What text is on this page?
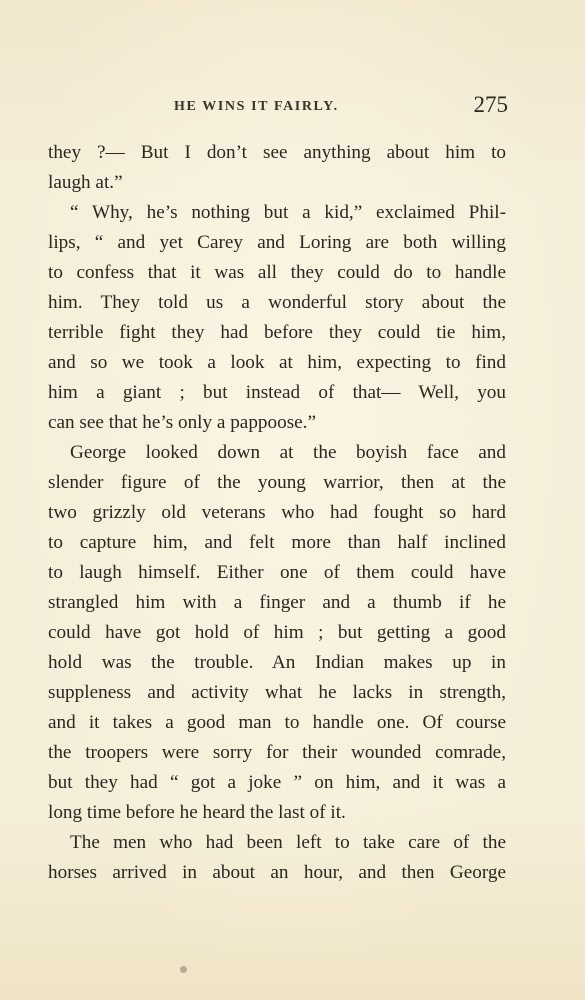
HE WINS IT FAIRLY.	275
they ?— But I don’t see anything about him to
laugh at.”
“ Why, he’s nothing but a kid,” exclaimed Phil-
lips, “ and yet Carey and Loring are both willing
to confess that it was all they could do to handle
him. They told us a wonderful story about the
terrible fight they had before they could tie him,
and so we took a look at him, expecting to find
him a giant ; but instead of that— Well, you
can see that he’s only a pappoose.”
George looked down at the boyish face and
slender figure of the young warrior, then at the
two grizzly old veterans who had fought so hard
to capture him, and felt more than half inclined
to laugh himself. Either one of them could have
strangled him with a finger and a thumb if he
could have got hold of him ; but getting a good
hold was the trouble. An Indian makes up in
suppleness and activity what he lacks in strength,
and it takes a good man to handle one. Of course
the troopers were sorry for their wounded comrade,
but they had “ got a joke ” on him, and it was a
long time before he heard the last of it.
The men who had been left to take care of the
horses arrived in about an hour, and then George
